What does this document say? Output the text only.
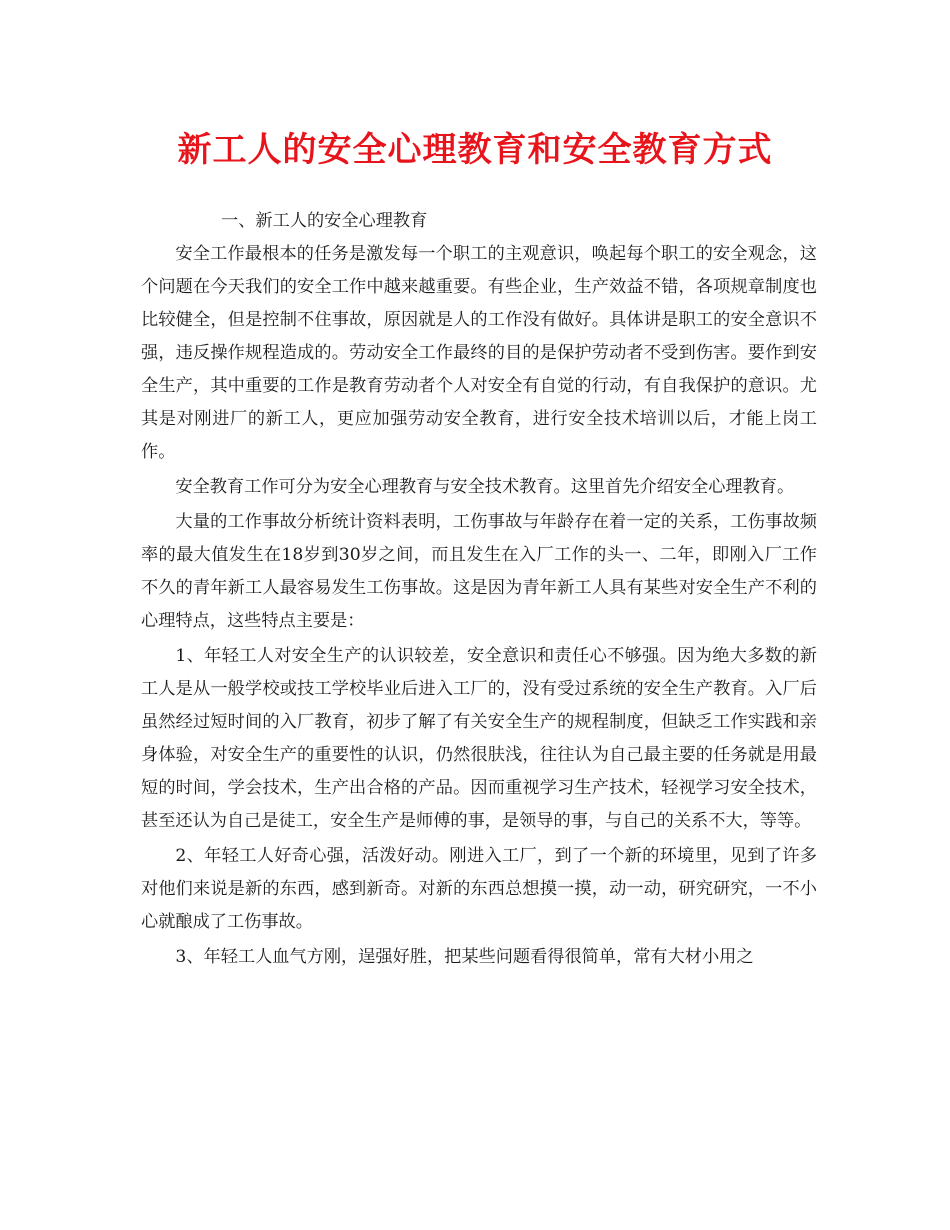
新工人的安全心理教育和安全教育方式

一、新工人的安全心理教育

安全工作最根本的任务是激发每一个职工的主观意识，唤起每个职工的安全观念，这个问题在今天我们的安全工作中越来越重要。有些企业，生产效益不错，各项规章制度也比较健全，但是控制不住事故，原因就是人的工作没有做好。具体讲是职工的安全意识不强，违反操作规程造成的。劳动安全工作最终的目的是保护劳动者不受到伤害。要作到安全生产，其中重要的工作是教育劳动者个人对安全有自觉的行动，有自我保护的意识。尤其是对刚进厂的新工人，更应加强劳动安全教育，进行安全技术培训以后，才能上岗工作。

安全教育工作可分为安全心理教育与安全技术教育。这里首先介绍安全心理教育。

大量的工作事故分析统计资料表明，工伤事故与年龄存在着一定的关系，工伤事故频率的最大值发生在18岁到30岁之间，而且发生在入厂工作的头一、二年，即刚入厂工作不久的青年新工人最容易发生工伤事故。这是因为青年新工人具有某些对安全生产不利的心理特点，这些特点主要是：

1、年轻工人对安全生产的认识较差，安全意识和责任心不够强。因为绝大多数的新工人是从一般学校或技工学校毕业后进入工厂的，没有受过系统的安全生产教育。入厂后虽然经过短时间的入厂教育，初步了解了有关安全生产的规程制度，但缺乏工作实践和亲身体验，对安全生产的重要性的认识，仍然很肤浅，往往认为自己最主要的任务就是用最短的时间，学会技术，生产出合格的产品。因而重视学习生产技术，轻视学习安全技术，甚至还认为自己是徒工，安全生产是师傅的事，是领导的事，与自己的关系不大，等等。

2、年轻工人好奇心强，活泼好动。刚进入工厂，到了一个新的环境里，见到了许多对他们来说是新的东西，感到新奇。对新的东西总想摸一摸，动一动，研究研究，一不小心就酿成了工伤事故。

3、年轻工人血气方刚，逞强好胜，把某些问题看得很简单，常有大材小用之
